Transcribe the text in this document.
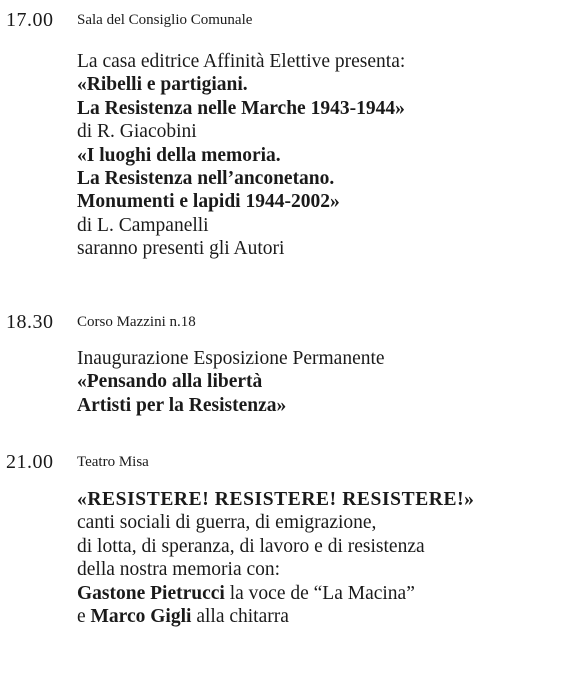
17.00 Sala del Consiglio Comunale
La casa editrice Affinità Elettive presenta:
«Ribelli e partigiani.
La Resistenza nelle Marche 1943-1944»
di R. Giacobini
«I luoghi della memoria.
La Resistenza nell’anconetano.
Monumenti e lapidi 1944-2002»
di L. Campanelli
saranno presenti gli Autori
18.30 Corso Mazzini n.18
Inaugurazione Esposizione Permanente
«Pensando alla libertà
Artisti per la Resistenza»
21.00 Teatro Misa
«RESISTERE! RESISTERE! RESISTERE!»
canti sociali di guerra, di emigrazione,
di lotta, di speranza, di lavoro e di resistenza
della nostra memoria con:
Gastone Pietrucci la voce de “La Macina”
e Marco Gigli alla chitarra
